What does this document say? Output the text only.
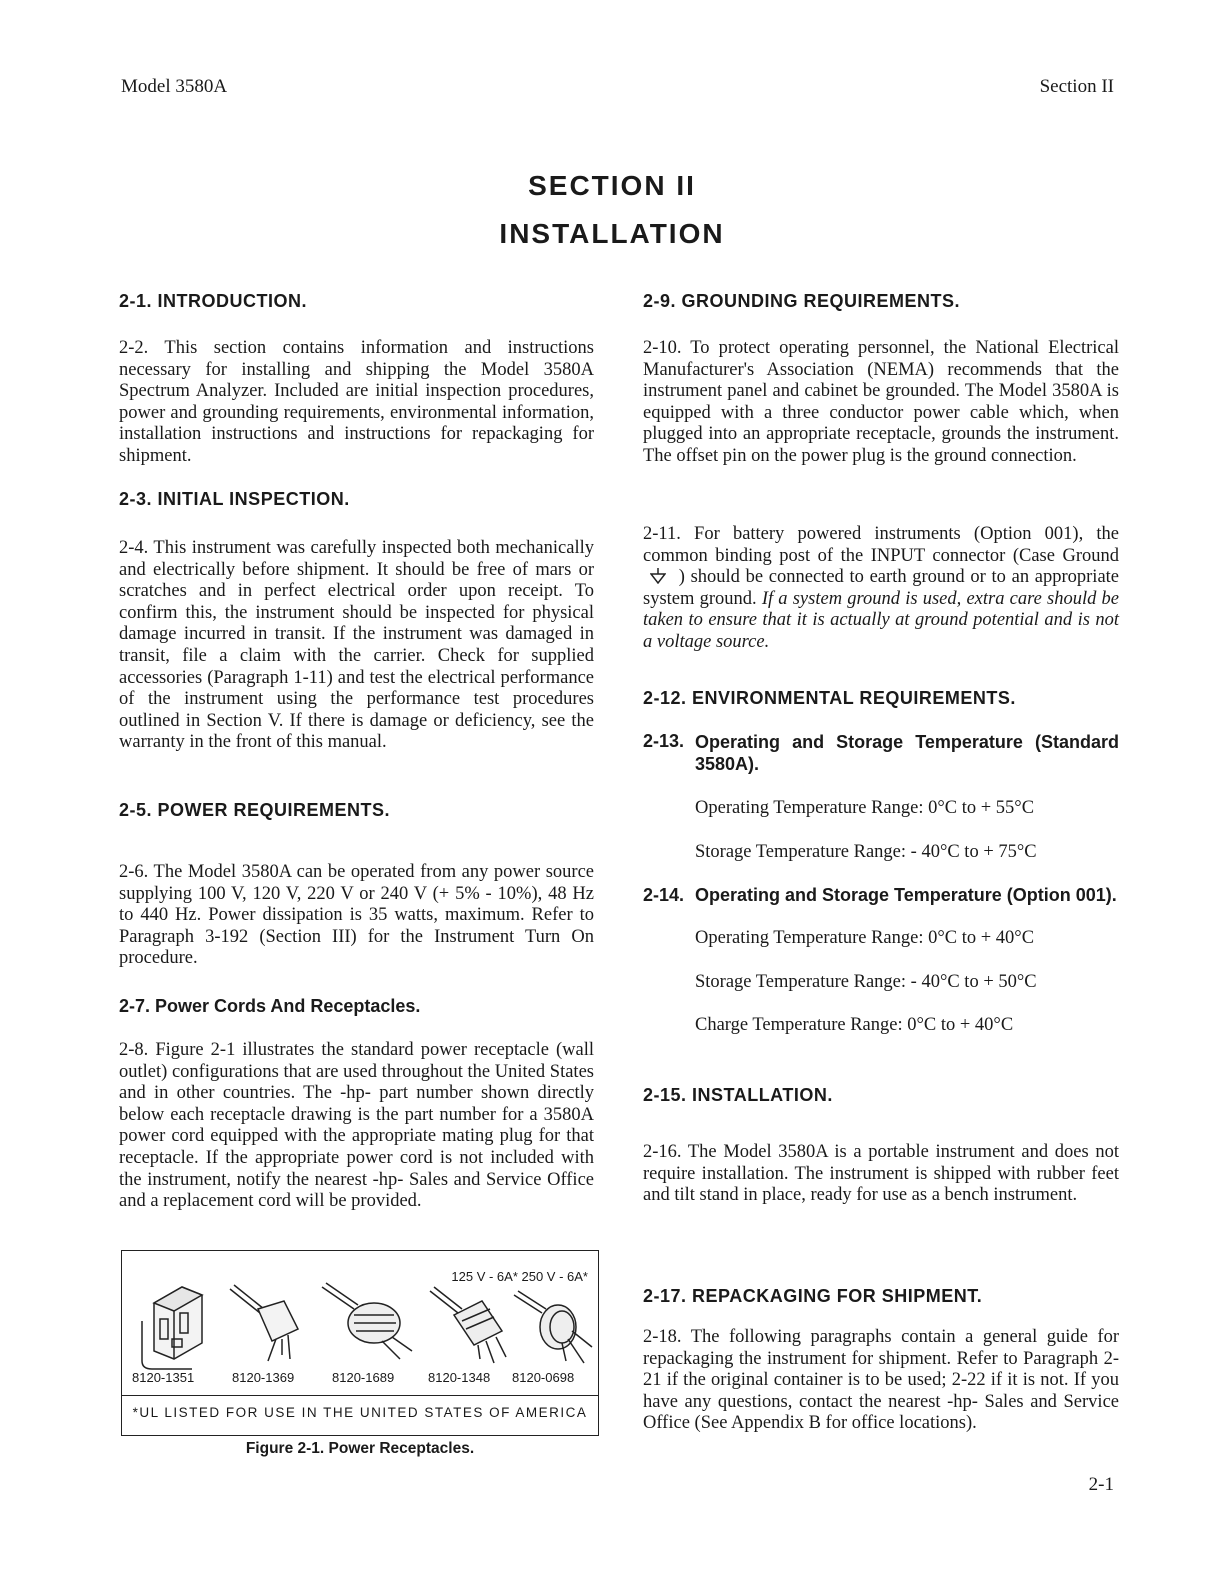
Model 3580A	Section II
SECTION II
INSTALLATION
2-1. INTRODUCTION.
2-2. This section contains information and instructions necessary for installing and shipping the Model 3580A Spectrum Analyzer. Included are initial inspection procedures, power and grounding requirements, environmental information, installation instructions and instructions for repackaging for shipment.
2-3. INITIAL INSPECTION.
2-4. This instrument was carefully inspected both mechanically and electrically before shipment. It should be free of mars or scratches and in perfect electrical order upon receipt. To confirm this, the instrument should be inspected for physical damage incurred in transit. If the instrument was damaged in transit, file a claim with the carrier. Check for supplied accessories (Paragraph 1-11) and test the electrical performance of the instrument using the performance test procedures outlined in Section V. If there is damage or deficiency, see the warranty in the front of this manual.
2-5. POWER REQUIREMENTS.
2-6. The Model 3580A can be operated from any power source supplying 100 V, 120 V, 220 V or 240 V (+ 5% - 10%), 48 Hz to 440 Hz. Power dissipation is 35 watts, maximum. Refer to Paragraph 3-192 (Section III) for the Instrument Turn On procedure.
2-7. Power Cords And Receptacles.
2-8. Figure 2-1 illustrates the standard power receptacle (wall outlet) configurations that are used throughout the United States and in other countries. The -hp- part number shown directly below each receptacle drawing is the part number for a 3580A power cord equipped with the appropriate mating plug for that receptacle. If the appropriate power cord is not included with the instrument, notify the nearest -hp- Sales and Service Office and a replacement cord will be provided.
125 V - 6A* 250 V - 6A*
8120-1351	8120-1369	8120-1689	8120-1348 8120-0698
*UL LISTED FOR USE IN THE UNITED STATES OF AMERICA
Figure 2-1. Power Receptacles.
2-9. GROUNDING REQUIREMENTS.
2-10. To protect operating personnel, the National Electrical Manufacturer's Association (NEMA) recommends that the instrument panel and cabinet be grounded. The Model 3580A is equipped with a three conductor power cable which, when plugged into an appropriate receptacle, grounds the instrument. The offset pin on the power plug is the ground connection.
2-11. For battery powered instruments (Option 001), the common binding post of the INPUT connector (Case Ground  ) should be connected to earth ground or to an appropriate system ground. If a system ground is used, extra care should be taken to ensure that it is actually at ground potential and is not a voltage source.
2-12. ENVIRONMENTAL REQUIREMENTS.
2-13. Operating and Storage Temperature (Standard 3580A).
Operating Temperature Range: 0°C to + 55°C
Storage Temperature Range: - 40°C to + 75°C
2-14. Operating and Storage Temperature (Option 001).
Operating Temperature Range: 0°C to + 40°C
Storage Temperature Range: - 40°C to + 50°C
Charge Temperature Range: 0°C to + 40°C
2-15. INSTALLATION.
2-16. The Model 3580A is a portable instrument and does not require installation. The instrument is shipped with rubber feet and tilt stand in place, ready for use as a bench instrument.
2-17. REPACKAGING FOR SHIPMENT.
2-18. The following paragraphs contain a general guide for repackaging the instrument for shipment. Refer to Paragraph 2-21 if the original container is to be used; 2-22 if it is not. If you have any questions, contact the nearest -hp- Sales and Service Office (See Appendix B for office locations).
2-1
